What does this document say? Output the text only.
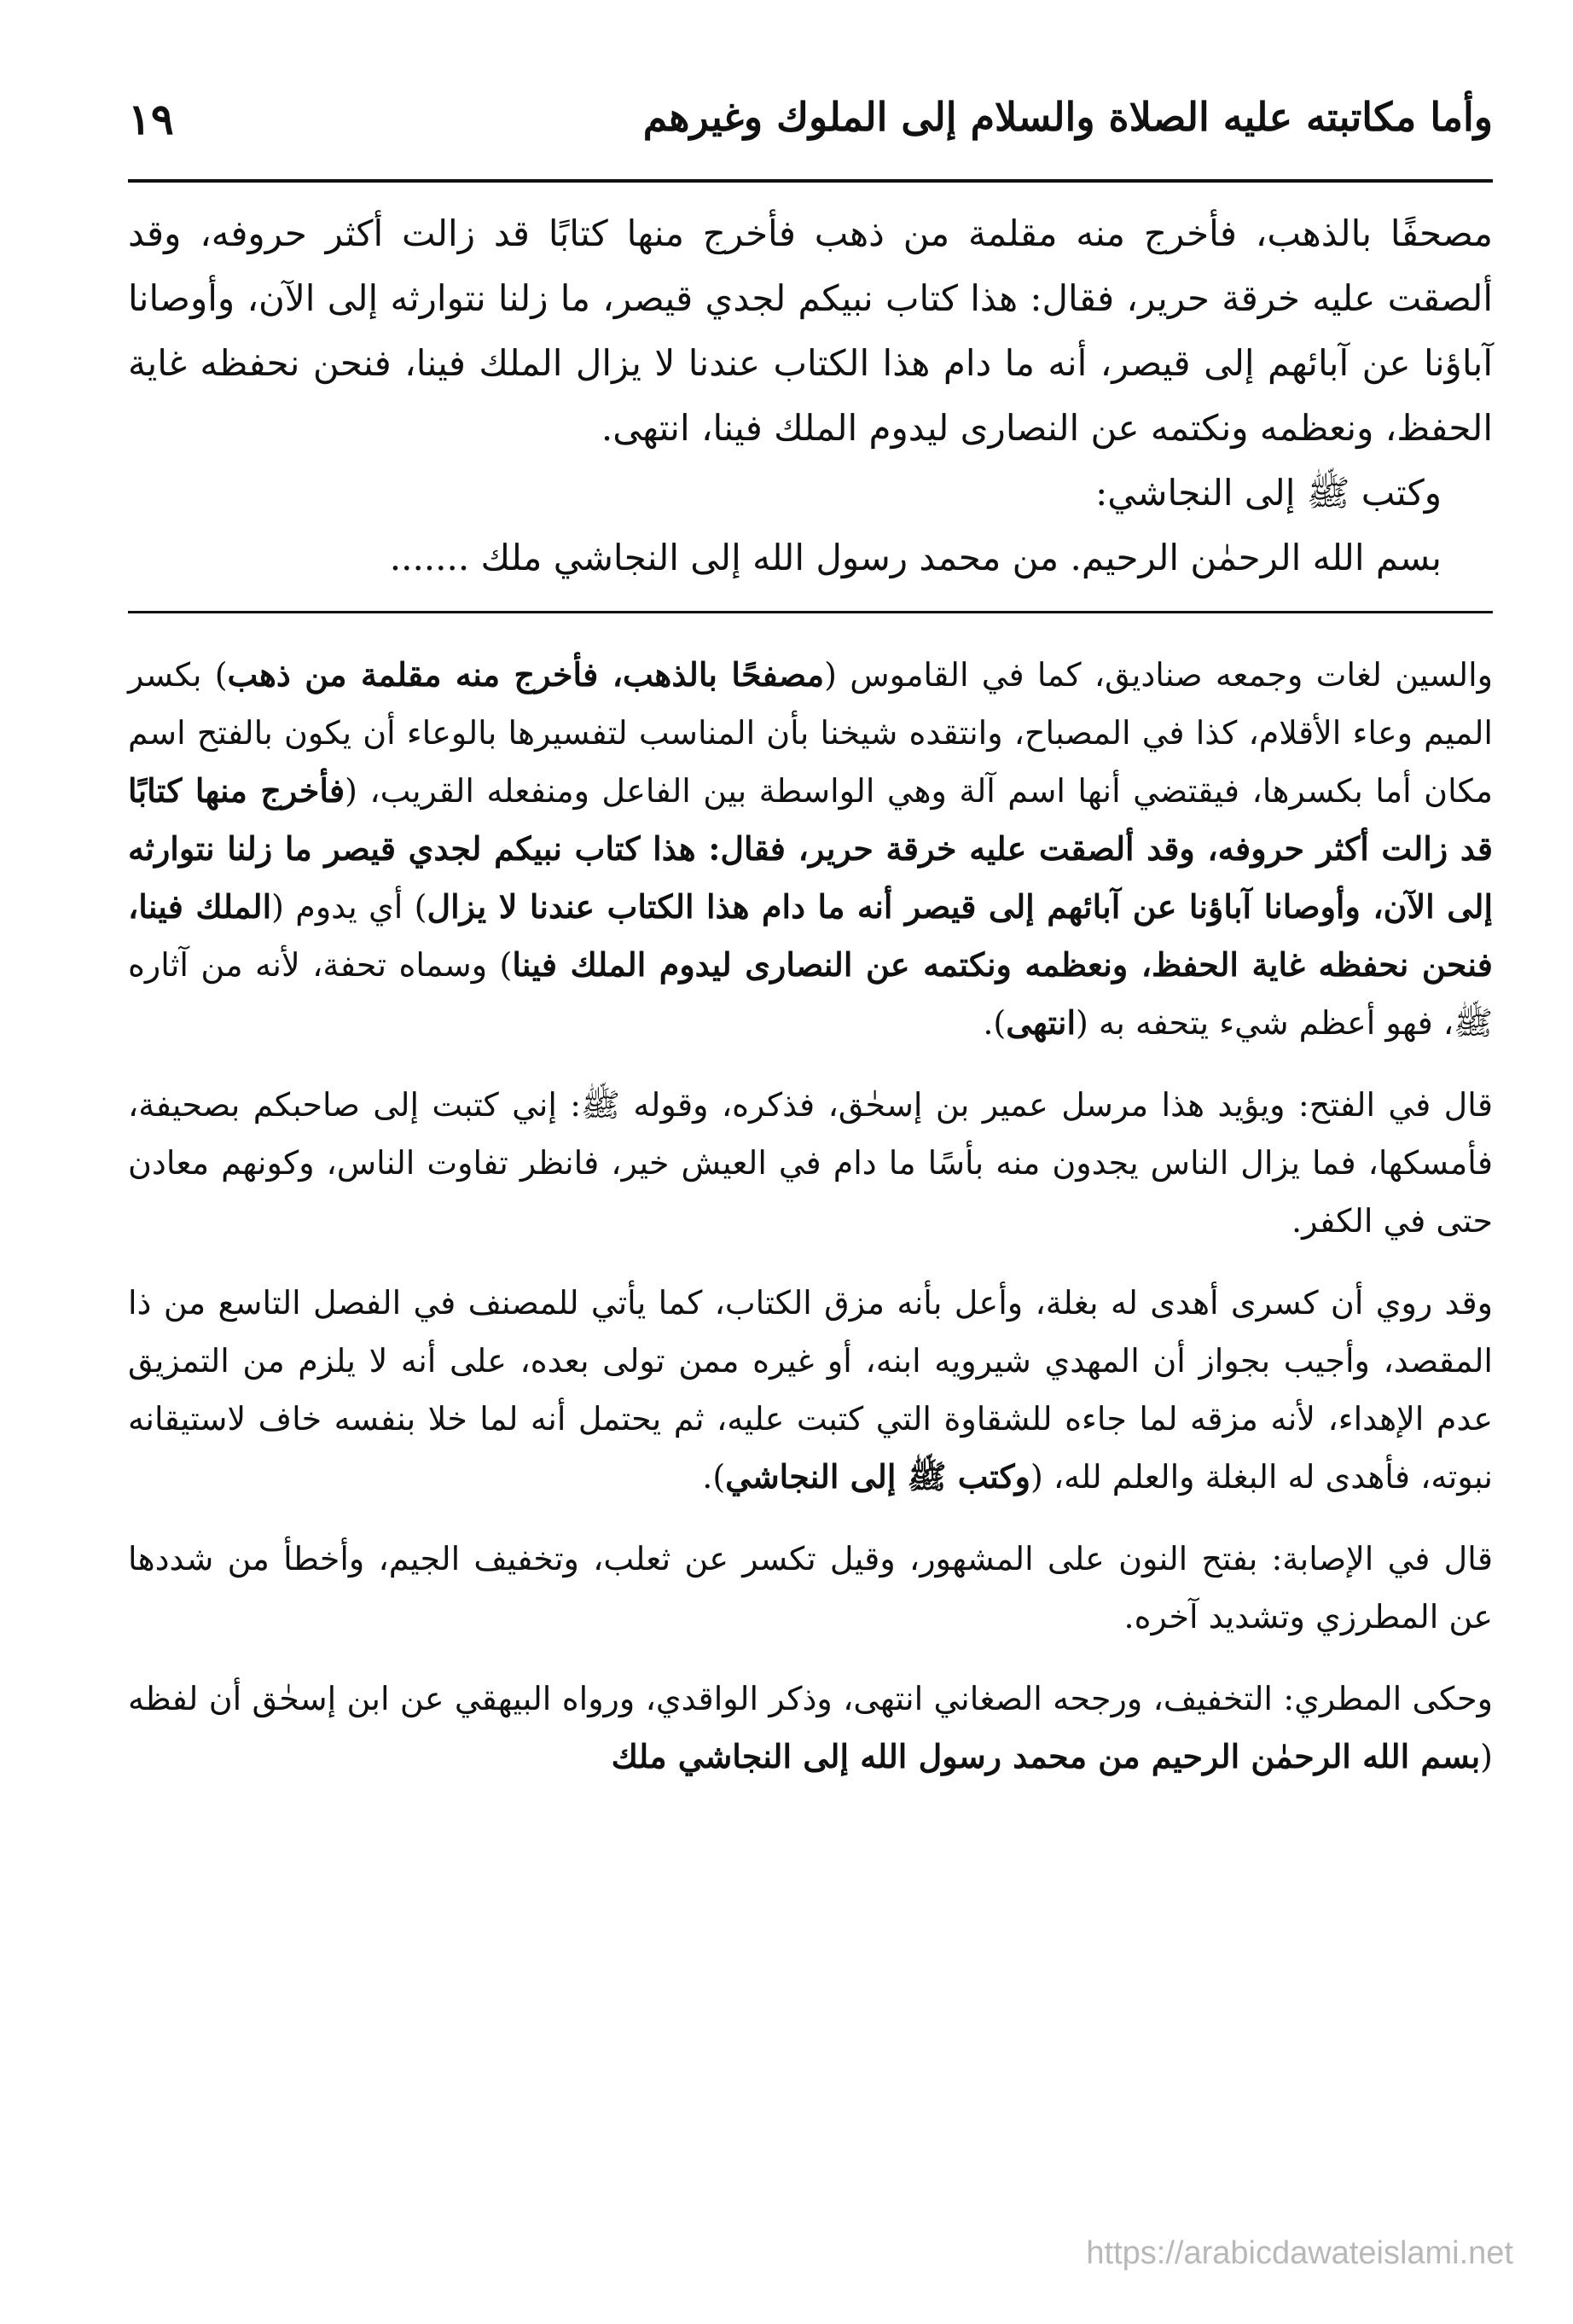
وأما مكاتبته عليه الصلاة والسلام إلى الملوك وغيرهم
١٩

مصحفًا بالذهب، فأخرج منه مقلمة من ذهب فأخرج منها كتابًا قد زالت أكثر حروفه، وقد ألصقت عليه خرقة حرير، فقال: هذا كتاب نبيكم لجدي قيصر، ما زلنا نتوارثه إلى الآن، وأوصانا آباؤنا عن آبائهم إلى قيصر، أنه ما دام هذا الكتاب عندنا لا يزال الملك فينا، فنحن نحفظه غاية الحفظ، ونعظمه ونكتمه عن النصارى ليدوم الملك فينا، انتهى.

وكتب ﷺ إلى النجاشي:

بسم الله الرحمٰن الرحيم. من محمد رسول الله إلى النجاشي ملك .......

والسين لغات وجمعه صناديق، كما في القاموس (مصفحًا بالذهب، فأخرج منه مقلمة من ذهب) بكسر الميم وعاء الأقلام، كذا في المصباح، وانتقده شيخنا بأن المناسب لتفسيرها بالوعاء أن يكون بالفتح اسم مكان أما بكسرها، فيقتضي أنها اسم آلة وهي الواسطة بين الفاعل ومنفعله القريب، (فأخرج منها كتابًا قد زالت أكثر حروفه، وقد ألصقت عليه خرقة حرير، فقال: هذا كتاب نبيكم لجدي قيصر ما زلنا نتوارثه إلى الآن، وأوصانا آباؤنا عن آبائهم إلى قيصر أنه ما دام هذا الكتاب عندنا لا يزال) أي يدوم (الملك فينا، فنحن نحفظه غاية الحفظ، ونعظمه ونكتمه عن النصارى ليدوم الملك فينا) وسماه تحفة، لأنه من آثاره ﷺ، فهو أعظم شيء يتحفه به (انتهى).

قال في الفتح: ويؤيد هذا مرسل عمير بن إسحٰق، فذكره، وقوله ﷺ: إني كتبت إلى صاحبكم بصحيفة، فأمسكها، فما يزال الناس يجدون منه بأسًا ما دام في العيش خير، فانظر تفاوت الناس، وكونهم معادن حتى في الكفر.

وقد روي أن كسرى أهدى له بغلة، وأعل بأنه مزق الكتاب، كما يأتي للمصنف في الفصل التاسع من ذا المقصد، وأجيب بجواز أن المهدي شيرويه ابنه، أو غيره ممن تولى بعده، على أنه لا يلزم من التمزيق عدم الإهداء، لأنه مزقه لما جاءه للشقاوة التي كتبت عليه، ثم يحتمل أنه لما خلا بنفسه خاف لاستيقانه نبوته، فأهدى له البغلة والعلم لله، (وكتب ﷺ إلى النجاشي).

قال في الإصابة: بفتح النون على المشهور، وقيل تكسر عن ثعلب، وتخفيف الجيم، وأخطأ من شددها عن المطرزي وتشديد آخره.

وحكى المطري: التخفيف، ورجحه الصغاني انتهى، وذكر الواقدي، ورواه البيهقي عن ابن إسحٰق أن لفظه (بسم الله الرحمٰن الرحيم من محمد رسول الله إلى النجاشي ملك

https://arabicdawateislami.net
